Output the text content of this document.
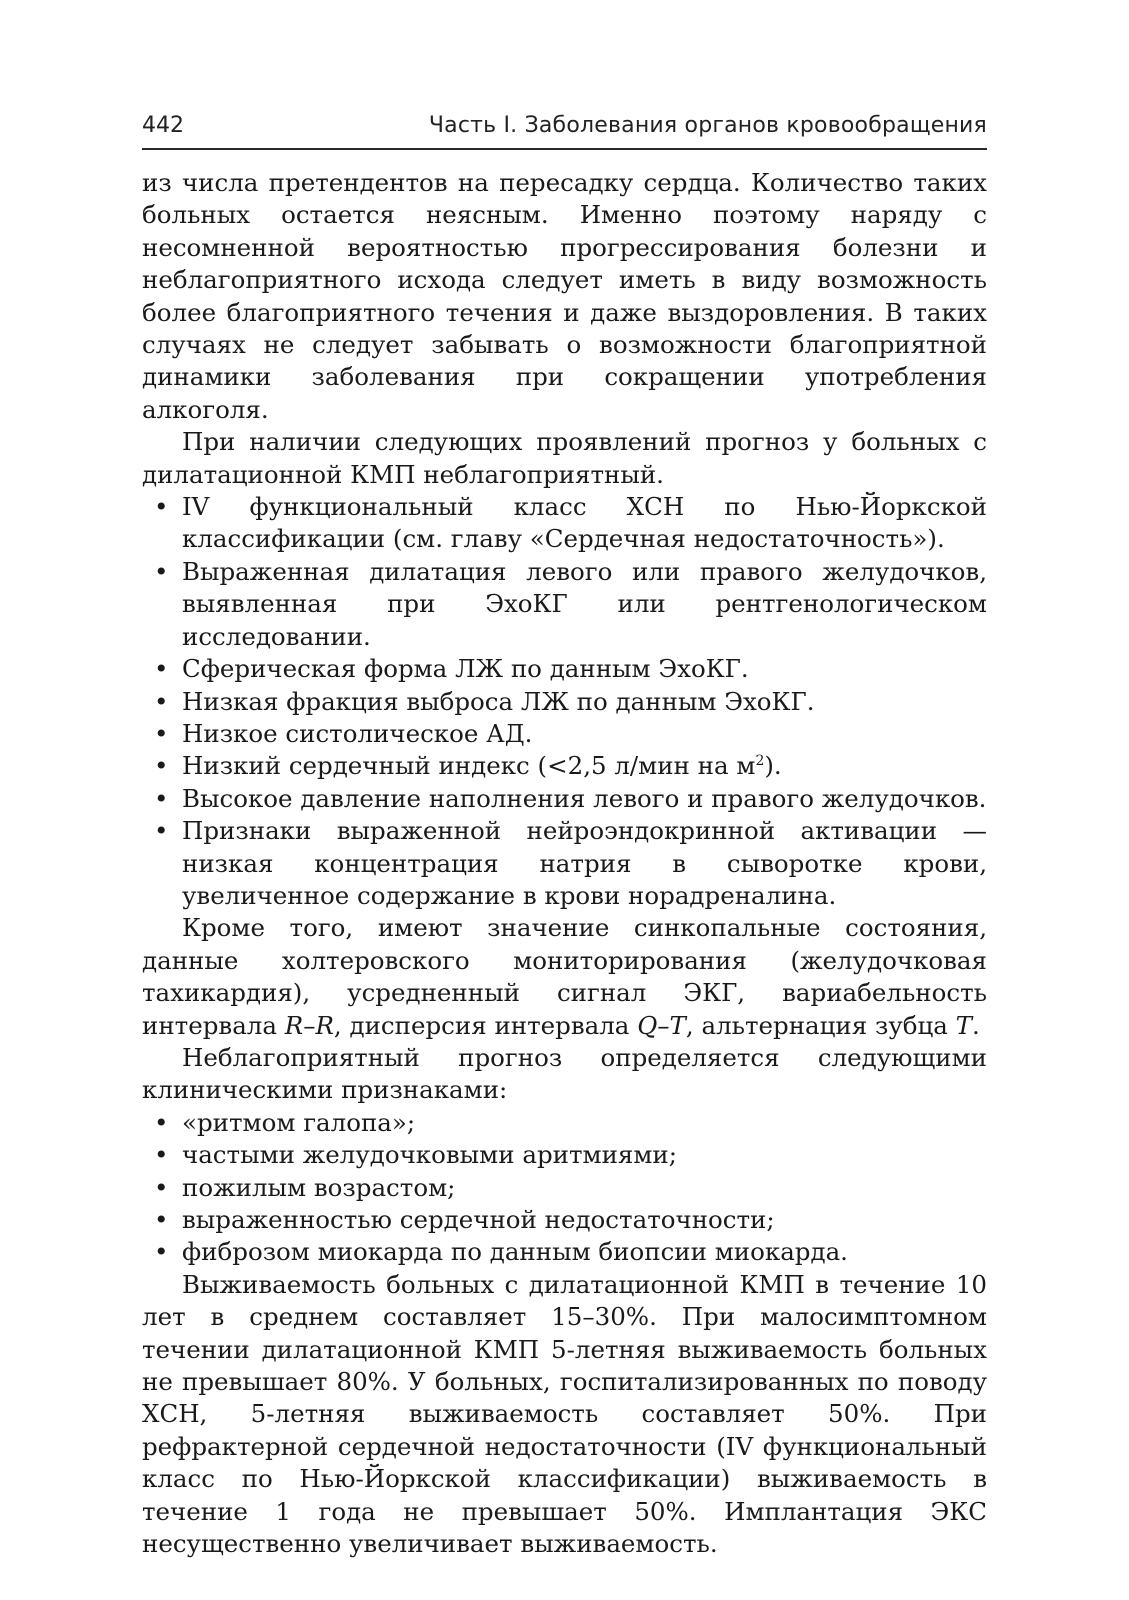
442	Часть I. Заболевания органов кровообращения

из числа претендентов на пересадку сердца. Количество таких больных остается неясным. Именно поэтому наряду с несомненной вероятностью прогрессирования болезни и неблагоприятного исхода следует иметь в виду возможность более благоприятного течения и даже выздоровления. В таких случаях не следует забывать о возможности благоприятной динамики заболевания при сокращении употребления алкоголя.

При наличии следующих проявлений прогноз у больных с дилатационной КМП неблагоприятный.

• IV функциональный класс ХСН по Нью-Йоркской классификации (см. главу «Сердечная недостаточность»).
• Выраженная дилатация левого или правого желудочков, выявленная при ЭхоКГ или рентгенологическом исследовании.
• Сферическая форма ЛЖ по данным ЭхоКГ.
• Низкая фракция выброса ЛЖ по данным ЭхоКГ.
• Низкое систолическое АД.
• Низкий сердечный индекс (<2,5 л/мин на $м^2$).
• Высокое давление наполнения левого и правого желудочков.
• Признаки выраженной нейроэндокринной активации — низкая концентрация натрия в сыворотке крови, увеличенное содержание в крови норадреналина.

Кроме того, имеют значение синкопальные состояния, данные холтеровского мониторирования (желудочковая тахикардия), усредненный сигнал ЭКГ, вариабельность интервала R–R, дисперсия интервала Q–T, альтернация зубца T.

Неблагоприятный прогноз определяется следующими клиническими признаками:

• «ритмом галопа»;
• частыми желудочковыми аритмиями;
• пожилым возрастом;
• выраженностью сердечной недостаточности;
• фиброзом миокарда по данным биопсии миокарда.

Выживаемость больных с дилатационной КМП в течение 10 лет в среднем составляет 15–30%. При малосимптомном течении дилатационной КМП 5-летняя выживаемость больных не превышает 80%. У больных, госпитализированных по поводу ХСН, 5-летняя выживаемость составляет 50%. При рефрактерной сердечной недостаточности (IV функциональный класс по Нью-Йоркской классификации) выживаемость в течение 1 года не превышает 50%. Имплантация ЭКС несущественно увеличивает выживаемость.
